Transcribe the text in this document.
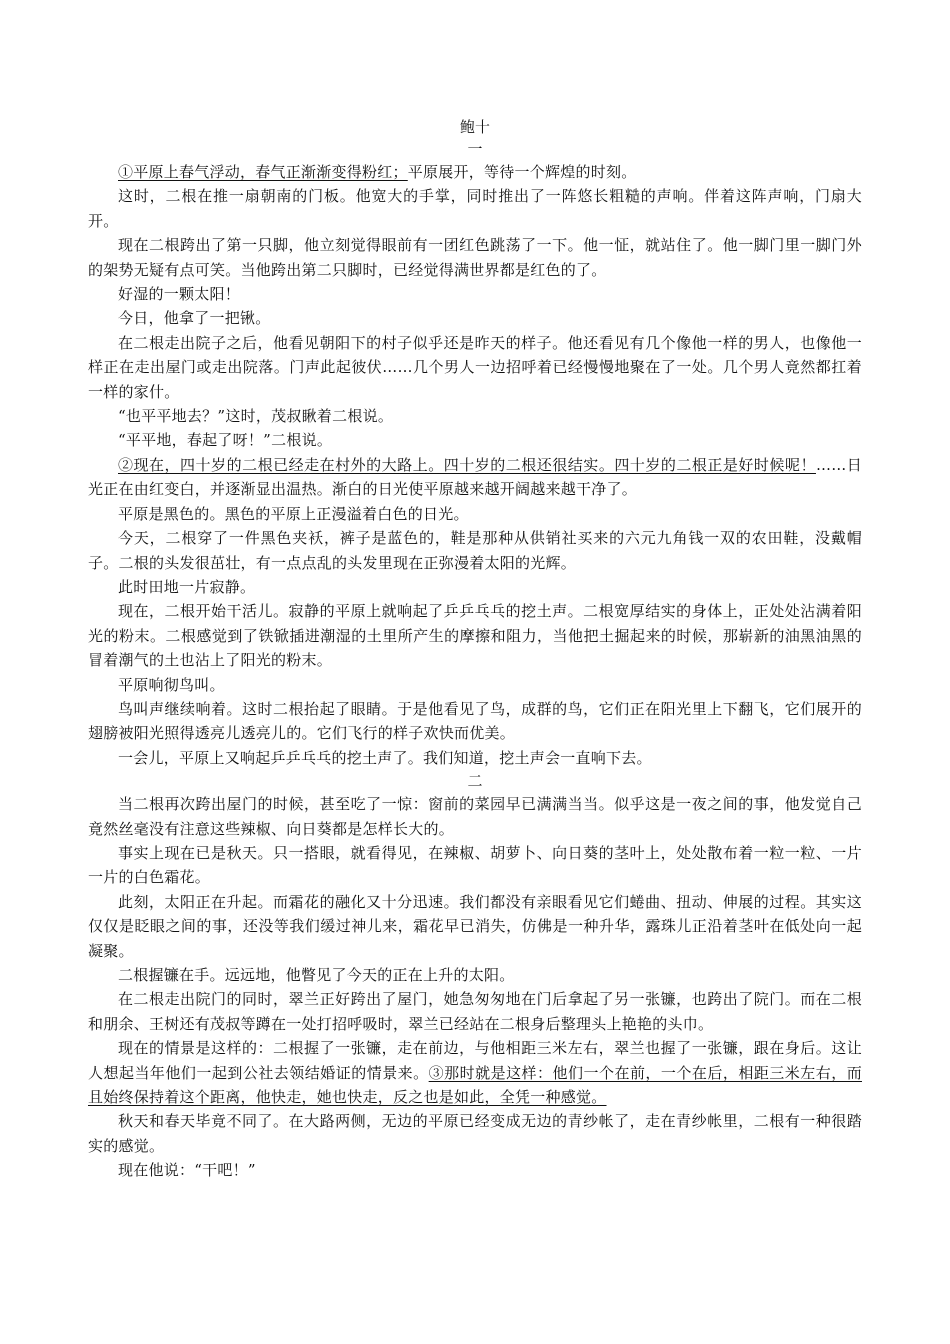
鲍十
一

①平原上春气浮动，春气正渐渐变得粉红；平原展开，等待一个辉煌的时刻。

这时，二根在推一扇朝南的门板。他宽大的手掌，同时推出了一阵悠长粗糙的声响。伴着这阵声响，门扇大开。

现在二根跨出了第一只脚，他立刻觉得眼前有一团红色跳荡了一下。他一怔，就站住了。他一脚门里一脚门外的架势无疑有点可笑。当他跨出第二只脚时，已经觉得满世界都是红色的了。

好湿的一颗太阳！

今日，他拿了一把锹。

在二根走出院子之后，他看见朝阳下的村子似乎还是昨天的样子。他还看见有几个像他一样的男人，也像他一样正在走出屋门或走出院落。门声此起彼伏……几个男人一边招呼着已经慢慢地聚在了一处。几个男人竟然都扛着一样的家什。

“也平平地去？”这时，茂叔瞅着二根说。

“平平地，春起了呀！”二根说。

②现在，四十岁的二根已经走在村外的大路上。四十岁的二根还很结实。四十岁的二根正是好时候呢！……日光正在由红变白，并逐渐显出温热。渐白的日光使平原越来越开阔越来越干净了。

平原是黑色的。黑色的平原上正漫溢着白色的日光。

今天，二根穿了一件黑色夹袄，裤子是蓝色的，鞋是那种从供销社买来的六元九角钱一双的农田鞋，没戴帽子。二根的头发很茁壮，有一点点乱的头发里现在正弥漫着太阳的光辉。

此时田地一片寂静。

现在，二根开始干活儿。寂静的平原上就响起了乒乒乓乓的挖土声。二根宽厚结实的身体上，正处处沾满着阳光的粉末。二根感觉到了铁锨插进潮湿的土里所产生的摩擦和阻力，当他把土掘起来的时候，那崭新的油黑油黑的冒着潮气的土也沾上了阳光的粉末。

平原响彻鸟叫。

鸟叫声继续响着。这时二根抬起了眼睛。于是他看见了鸟，成群的鸟，它们正在阳光里上下翻飞，它们展开的翅膀被阳光照得透亮儿透亮儿的。它们飞行的样子欢快而优美。

一会儿，平原上又响起乒乒乓乓的挖土声了。我们知道，挖土声会一直响下去。

二

当二根再次跨出屋门的时候，甚至吃了一惊：窗前的菜园早已满满当当。似乎这是一夜之间的事，他发觉自己竟然丝毫没有注意这些辣椒、向日葵都是怎样长大的。

事实上现在已是秋天。只一搭眼，就看得见，在辣椒、胡萝卜、向日葵的茎叶上，处处散布着一粒一粒、一片一片的白色霜花。

此刻，太阳正在升起。而霜花的融化又十分迅速。我们都没有亲眼看见它们蜷曲、扭动、伸展的过程。其实这仅仅是眨眼之间的事，还没等我们缓过神儿来，霜花早已消失，仿佛是一种升华，露珠儿正沿着茎叶在低处向一起凝聚。

二根握镰在手。远远地，他瞥见了今天的正在上升的太阳。

在二根走出院门的同时，翠兰正好跨出了屋门，她急匆匆地在门后拿起了另一张镰，也跨出了院门。而在二根和朋余、王树还有茂叔等蹲在一处打招呼吸时，翠兰已经站在二根身后整理头上艳艳的头巾。

现在的情景是这样的：二根握了一张镰，走在前边，与他相距三米左右，翠兰也握了一张镰，跟在身后。这让人想起当年他们一起到公社去领结婚证的情景来。③那时就是这样：他们一个在前，一个在后，相距三米左右，而且始终保持着这个距离，他快走，她也快走，反之也是如此，全凭一种感觉。

秋天和春天毕竟不同了。在大路两侧，无边的平原已经变成无边的青纱帐了，走在青纱帐里，二根有一种很踏实的感觉。

现在他说：“干吧！”
